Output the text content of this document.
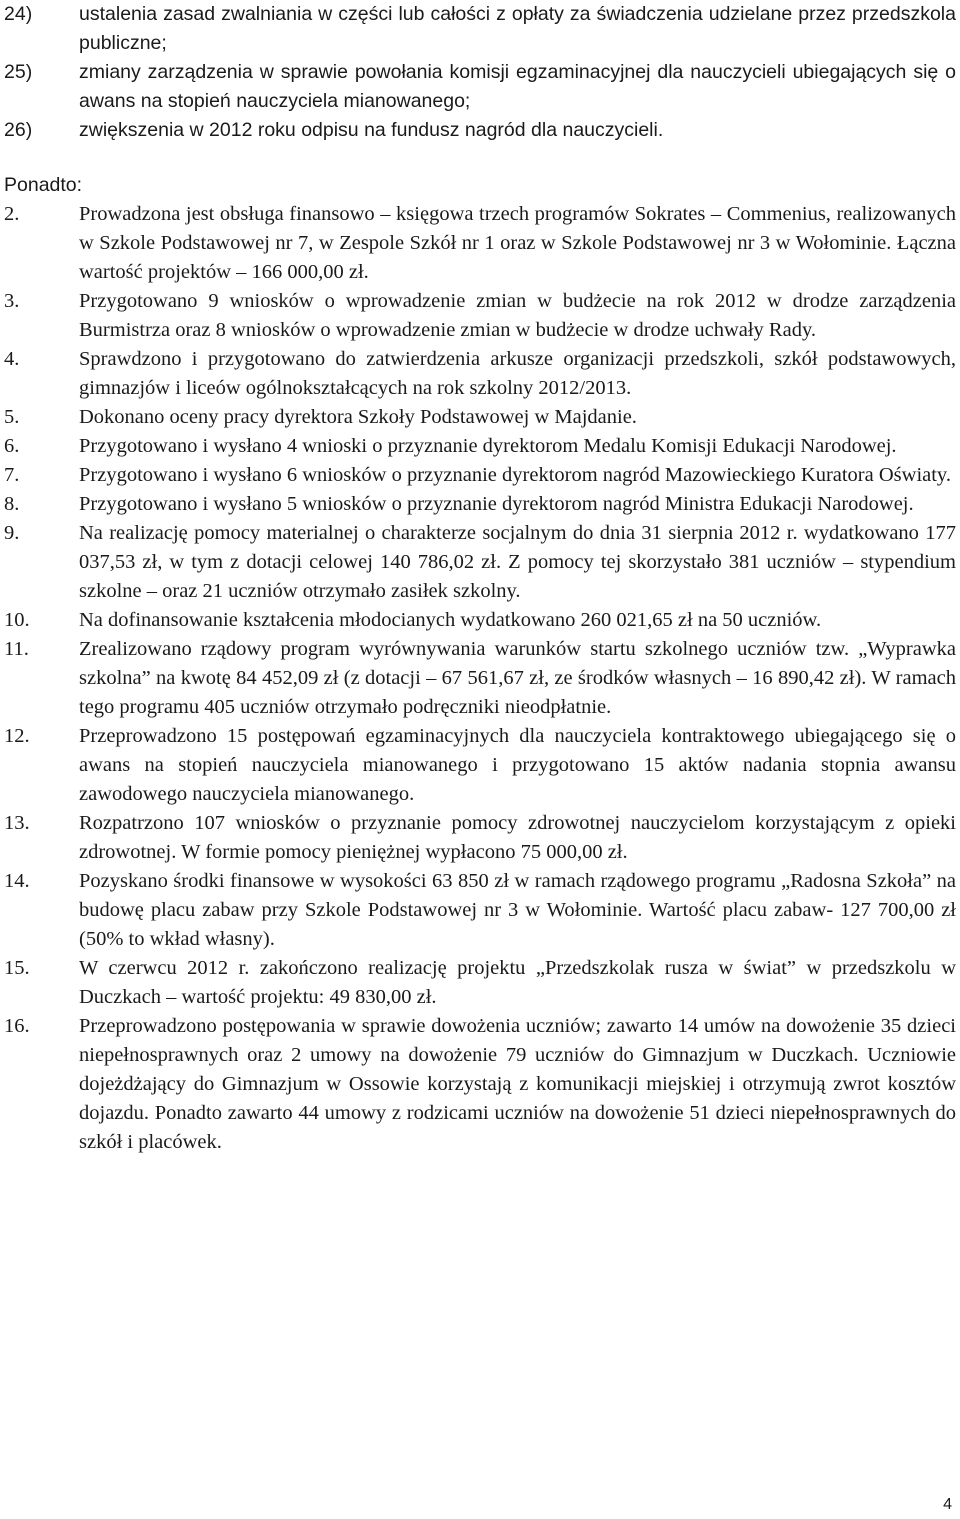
24)	ustalenia zasad zwalniania w części lub całości z opłaty za świadczenia udzielane przez przedszkola publiczne;
25)	zmiany zarządzenia w sprawie powołania komisji egzaminacyjnej dla nauczycieli ubiegających się o awans na stopień nauczyciela mianowanego;
26)	zwiększenia w 2012 roku odpisu na fundusz nagród dla nauczycieli.
Ponadto:
2.	Prowadzona jest obsługa finansowo – księgowa trzech programów Sokrates – Commenius, realizowanych w Szkole Podstawowej nr 7, w Zespole Szkół nr 1 oraz w Szkole Podstawowej nr 3 w Wołominie. Łączna wartość projektów – 166 000,00 zł.
3.	Przygotowano 9 wniosków o wprowadzenie zmian w budżecie na rok 2012 w drodze zarządzenia Burmistrza oraz 8 wniosków o wprowadzenie zmian w budżecie w drodze uchwały Rady.
4.	Sprawdzono i przygotowano do zatwierdzenia arkusze organizacji przedszkoli, szkół podstawowych, gimnazjów i liceów ogólnokształcących na rok szkolny 2012/2013.
5.	Dokonano oceny pracy dyrektora Szkoły Podstawowej w Majdanie.
6.	Przygotowano i wysłano 4 wnioski o przyznanie dyrektorom Medalu Komisji Edukacji Narodowej.
7.	Przygotowano i wysłano 6 wniosków o przyznanie dyrektorom nagród Mazowieckiego Kuratora Oświaty.
8.	Przygotowano i wysłano 5 wniosków o przyznanie dyrektorom nagród Ministra Edukacji Narodowej.
9.	Na realizację pomocy materialnej o charakterze socjalnym do dnia 31 sierpnia 2012 r. wydatkowano 177 037,53 zł, w tym z dotacji celowej 140 786,02 zł. Z pomocy tej skorzystało 381 uczniów – stypendium szkolne – oraz 21 uczniów otrzymało zasiłek szkolny.
10.	Na dofinansowanie kształcenia młodocianych wydatkowano 260 021,65 zł na 50 uczniów.
11.	Zrealizowano rządowy program wyrównywania warunków startu szkolnego uczniów tzw. „Wyprawka szkolna” na kwotę 84 452,09 zł (z dotacji – 67 561,67 zł, ze środków własnych – 16 890,42 zł). W ramach tego programu 405 uczniów otrzymało podręczniki nieodpłatnie.
12.	Przeprowadzono 15 postępowań egzaminacyjnych dla nauczyciela kontraktowego ubiegającego się o awans na stopień nauczyciela mianowanego i przygotowano 15 aktów nadania stopnia awansu zawodowego nauczyciela mianowanego.
13.	Rozpatrzono 107 wniosków o przyznanie pomocy zdrowotnej nauczycielom korzystającym z opieki zdrowotnej. W formie pomocy pieniężnej wypłacono 75 000,00 zł.
14.	Pozyskano środki finansowe w wysokości 63 850 zł w ramach rządowego programu „Radosna Szkoła” na budowę placu zabaw przy Szkole Podstawowej nr 3 w Wołominie. Wartość placu zabaw- 127 700,00 zł (50% to wkład własny).
15.	W czerwcu 2012 r. zakończono realizację projektu „Przedszkolak rusza w świat” w przedszkolu w Duczkach – wartość projektu: 49 830,00 zł.
16.	Przeprowadzono postępowania w sprawie dowożenia uczniów; zawarto 14 umów na dowożenie 35 dzieci niepełnosprawnych oraz 2 umowy na dowożenie 79 uczniów do Gimnazjum w Duczkach. Uczniowie dojeżdżający do Gimnazjum w Ossowie korzystają z komunikacji miejskiej i otrzymują zwrot kosztów dojazdu. Ponadto zawarto 44 umowy z rodzicami uczniów na dowożenie 51 dzieci niepełnosprawnych do szkół i placówek.
4
